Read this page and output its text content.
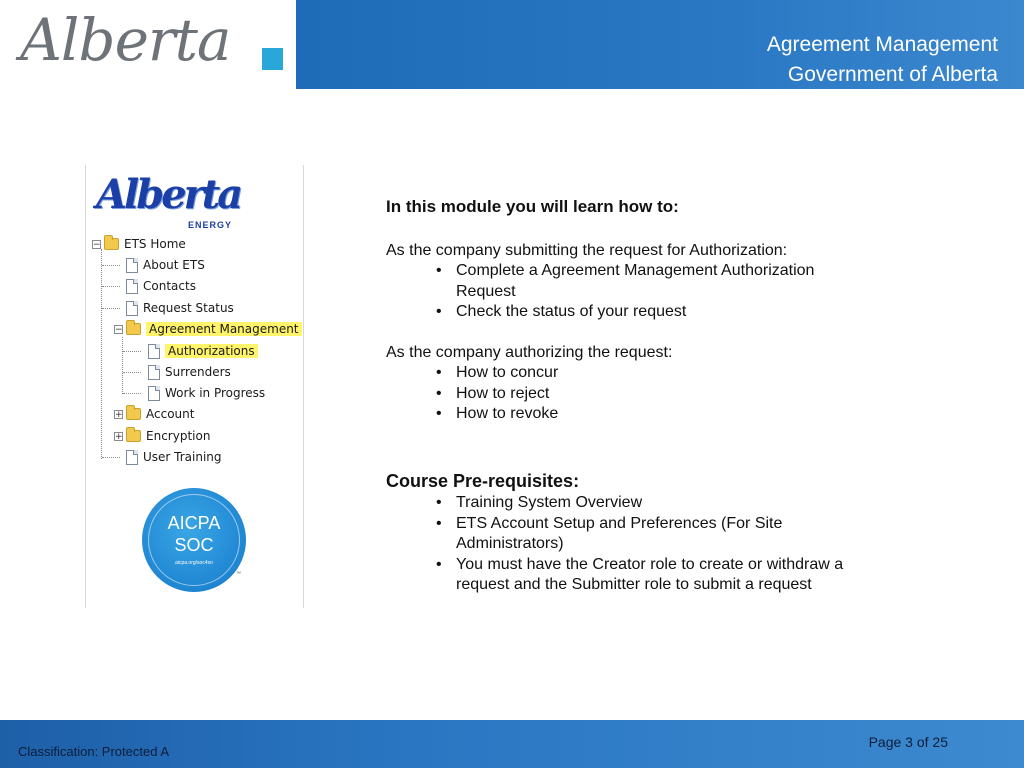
Alberta	Agreement Management
Government of Alberta
Alberta
ENERGY
− ETS Home
About ETS
Contacts
Request Status
− Agreement Management
Authorizations
Surrenders
Work in Progress
+ Account
+ Encryption
User Training
AICPA
SOC
aicpa.org/soc4so
™
In this module you will learn how to:
As the company submitting the request for Authorization:
• Complete a Agreement Management Authorization Request
• Check the status of your request
As the company authorizing the request:
• How to concur
• How to reject
• How to revoke
Course Pre-requisites:
• Training System Overview
• ETS Account Setup and Preferences (For Site Administrators)
• You must have the Creator role to create or withdraw a request and the Submitter role to submit a request
Page 3 of 25
Classification: Protected A
